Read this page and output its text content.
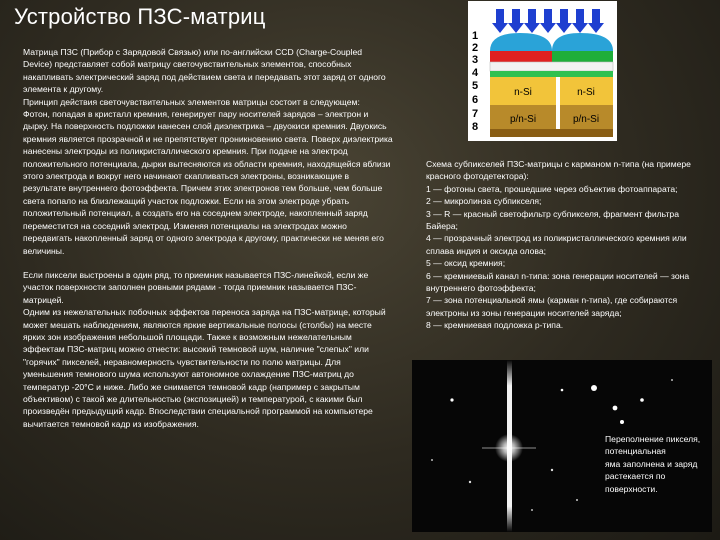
Устройство ПЗС-матриц

Матрица ПЗС (Прибор с Зарядовой Связью) или по-английски CCD (Charge-Coupled Device) представляет собой матрицу светочувствительных элементов, способных накапливать электрический заряд под действием света и передавать этот заряд от одного элемента к другому.

Принцип действия светочувствительных элементов матрицы состоит в следующем:

Фотон, попадая в кристалл кремния, генерирует пару носителей зарядов – электрон и дырку. На поверхность подложки нанесен слой диэлектрика – двуокиси кремния. Двуокись кремния является прозрачной и не препятствует проникновению света. Поверх диэлектрика нанесены электроды из поликристаллического кремния. При подаче на электрод положительного потенциала, дырки вытесняются из области кремния, находящейся вблизи этого электрода и вокруг него начинают скапливаться электроны, возникающие в результате внутреннего фотоэффекта. Причем этих электронов тем больше, чем больше света попало на близлежащий участок подложки. Если на этом электроде убрать положительный потенциал, а создать его на соседнем электроде, накопленный заряд переместится на соседний электрод. Изменяя потенциалы на электродах можно передвигать накопленный заряд от одного электрода к другому, практически не меняя его величины.

Если пиксели выстроены в один ряд, то приемник называется ПЗС-линейкой, если же участок поверхности заполнен ровными рядами - тогда приемник называется ПЗС-матрицей.

Одним из нежелательных побочных эффектов переноса заряда на ПЗС-матрице, который может мешать наблюдениям, являются яркие вертикальные полосы (столбы) на месте ярких зон изображения небольшой площади. Также к возможным нежелательным эффектам ПЗС-матриц можно отнести: высокий темновой шум, наличие "слепых" или "горячих" пикселей, неравномерность чувствительности по полю матрицы. Для уменьшения темнового шума используют автономное охлаждение ПЗС-матриц до температур -20°С и ниже. Либо же снимается темновой кадр (например с закрытым объективом) с такой же длительностью (экспозицией) и температурой, с какими был произведён предыдущий кадр. Впоследствии специальной программой на компьютере вычитается темновой кадр из изображения.

1
2
3
4
5
6
7
8
n-Si	n-Si
p/n-Si	p/n-Si

Схема субпикселей ПЗС-матрицы с карманом n-типа (на примере красного фотодетектора):

1 — фотоны света, прошедшие через объектив фотоаппарата;

2 — микролинза субпикселя;

3 — R — красный светофильтр субпикселя, фрагмент фильтра Байера;

4 — прозрачный электрод из поликристаллического кремния или сплава индия и оксида олова;

5 — оксид кремния;

6 — кремниевый канал n-типа: зона генерации носителей — зона внутреннего фотоэффекта;

7 — зона потенциальной ямы (карман n-типа), где собираются электроны из зоны генерации носителей заряда;

8 — кремниевая подложка p-типа.

Переполнение пикселя,

потенциальная

яма заполнена и заряд

растекается по

поверхности.
